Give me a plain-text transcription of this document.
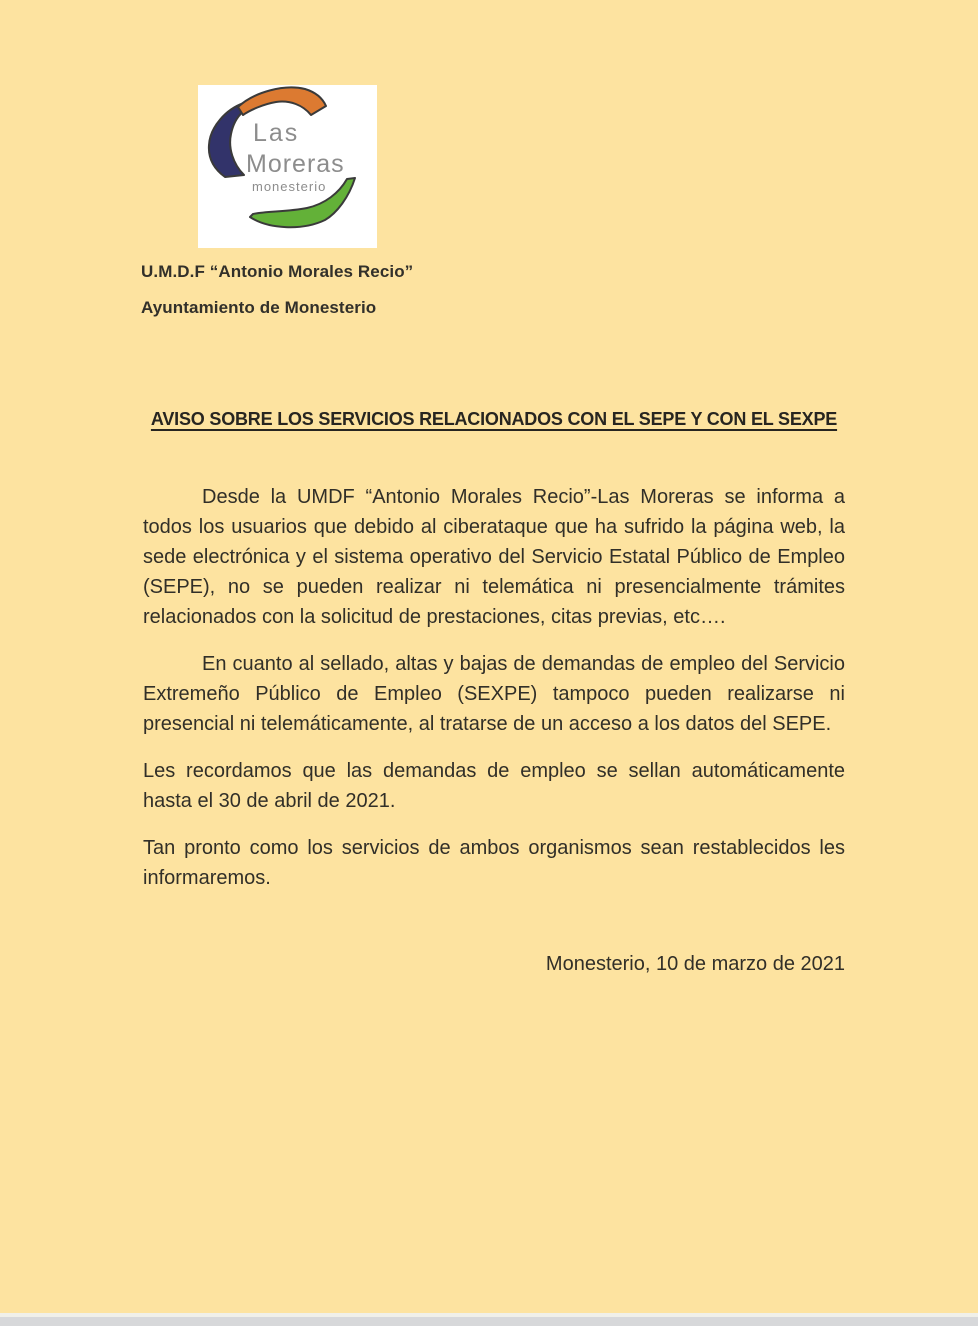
Las
Moreras
monesterio
U.M.D.F “Antonio Morales Recio”
Ayuntamiento de Monesterio
AVISO SOBRE LOS SERVICIOS RELACIONADOS CON EL SEPE Y CON EL SEXPE

Desde la UMDF “Antonio Morales Recio”-Las Moreras se informa a todos los usuarios que debido al ciberataque que ha sufrido la página web, la sede electrónica y el sistema operativo del Servicio Estatal Público de Empleo (SEPE), no se pueden realizar ni telemática ni presencialmente trámites relacionados con la solicitud de prestaciones, citas previas, etc….

En cuanto al sellado, altas y bajas de demandas de empleo del Servicio Extremeño Público de Empleo (SEXPE) tampoco pueden realizarse ni presencial ni telemáticamente, al tratarse de un acceso a los datos del SEPE.

Les recordamos que las demandas de empleo se sellan automáticamente hasta el 30 de abril de 2021.

Tan pronto como los servicios de ambos organismos sean restablecidos les informaremos.

Monesterio, 10 de marzo de 2021
